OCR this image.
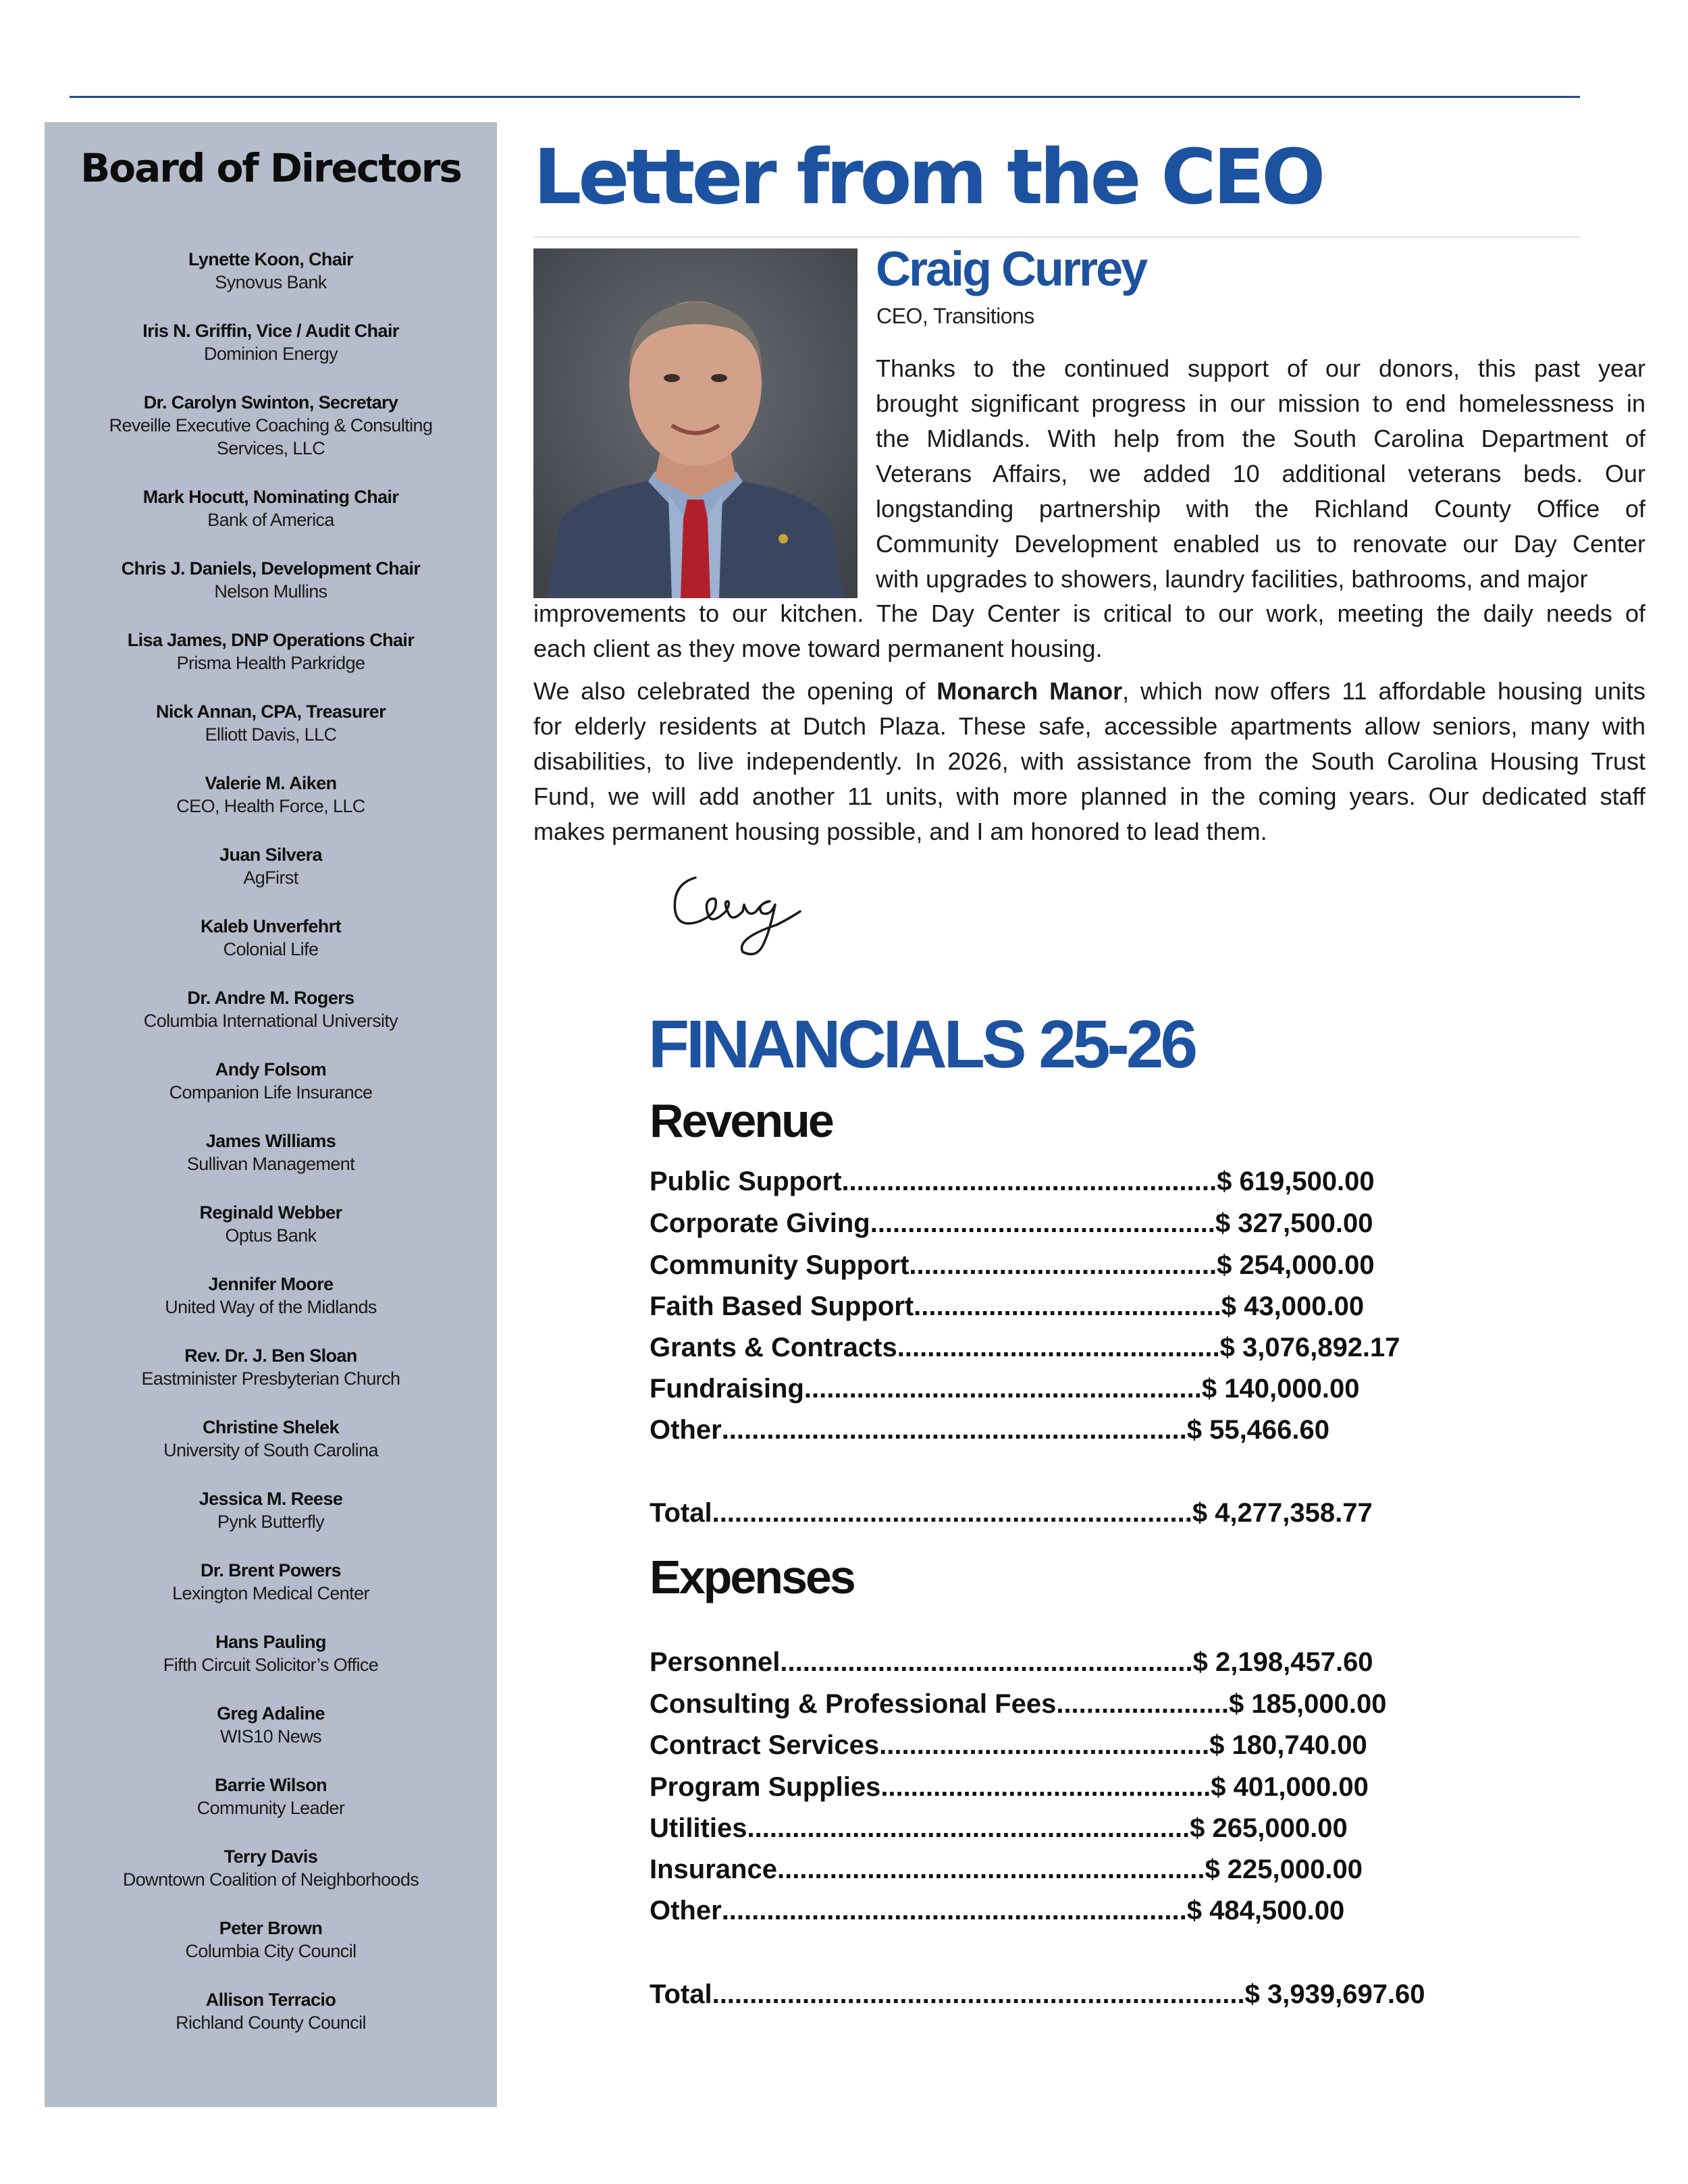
Board of Directors
Lynette Koon, Chair
Synovus Bank
Iris N. Griffin, Vice / Audit Chair
Dominion Energy
Dr. Carolyn Swinton, Secretary
Reveille Executive Coaching & Consulting
Services, LLC
Mark Hocutt, Nominating Chair
Bank of America
Chris J. Daniels, Development Chair
Nelson Mullins
Lisa James, DNP Operations Chair
Prisma Health Parkridge
Nick Annan, CPA, Treasurer
Elliott Davis, LLC
Valerie M. Aiken
CEO, Health Force, LLC
Juan Silvera
AgFirst
Kaleb Unverfehrt
Colonial Life
Dr. Andre M. Rogers
Columbia International University
Andy Folsom
Companion Life Insurance
James Williams
Sullivan Management
Reginald Webber
Optus Bank
Jennifer Moore
United Way of the Midlands
Rev. Dr. J. Ben Sloan
Eastminister Presbyterian Church
Christine Shelek
University of South Carolina
Jessica M. Reese
Pynk Butterfly
Dr. Brent Powers
Lexington Medical Center
Hans Pauling
Fifth Circuit Solicitor’s Office
Greg Adaline
WIS10 News
Barrie Wilson
Community Leader
Terry Davis
Downtown Coalition of Neighborhoods
Peter Brown
Columbia City Council
Allison Terracio
Richland County Council
Letter from the CEO
Craig Currey
CEO, Transitions
Thanks to the continued support of our donors, this past year
brought significant progress in our mission to end homelessness in
the Midlands. With help from the South Carolina Department of
Veterans Affairs, we added 10 additional veterans beds. Our
longstanding partnership with the Richland County Office of
Community Development enabled us to renovate our Day Center
with upgrades to showers, laundry facilities, bathrooms, and major
improvements to our kitchen. The Day Center is critical to our work, meeting the daily needs of
each client as they move toward permanent housing.
We also celebrated the opening of Monarch Manor, which now offers 11 affordable housing units
for elderly residents at Dutch Plaza. These safe, accessible apartments allow seniors, many with
disabilities, to live independently. In 2026, with assistance from the South Carolina Housing Trust
Fund, we will add another 11 units, with more planned in the coming years. Our dedicated staff
makes permanent housing possible, and I am honored to lead them.
FINANCIALS 25-26
Revenue
Public Support .................................................. $ 619,500.00
Corporate Giving .............................................. $ 327,500.00
Community Support ......................................... $ 254,000.00
Faith Based Support ......................................... $ 43,000.00
Grants & Contracts ........................................... $ 3,076,892.17
Fundraising ..................................................... $ 140,000.00
Other .............................................................. $ 55,466.60
Total ................................................................ $ 4,277,358.77
Expenses
Personnel ....................................................... $ 2,198,457.60
Consulting & Professional Fees ....................... $ 185,000.00
Contract Services ............................................ $ 180,740.00
Program Supplies ............................................ $ 401,000.00
Utilities ........................................................... $ 265,000.00
Insurance ......................................................... $ 225,000.00
Other .............................................................. $ 484,500.00
Total ....................................................................... $ 3,939,697.60
